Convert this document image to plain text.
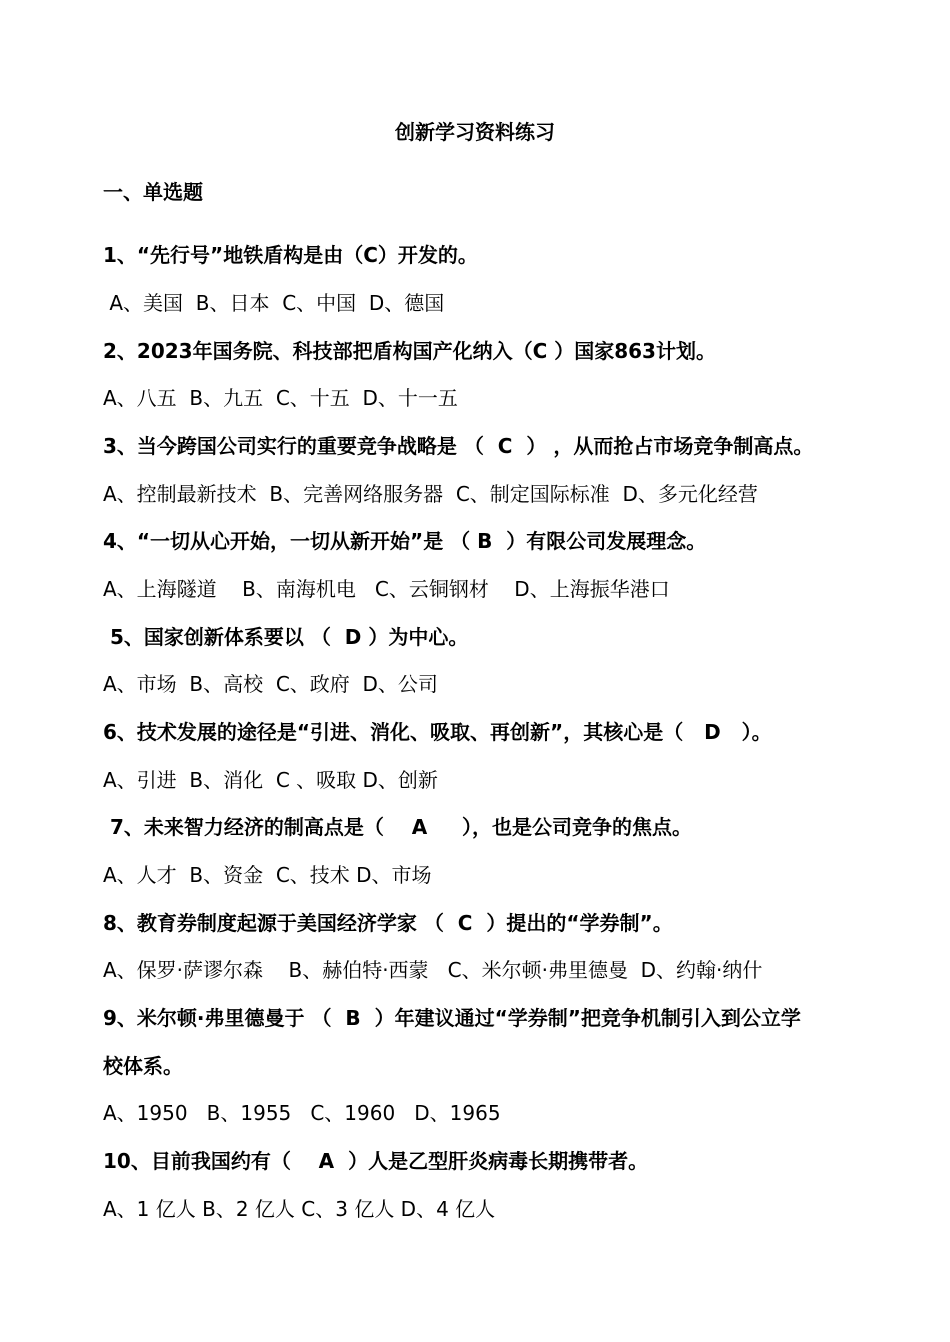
创新学习资料练习
一、单选题
1、“先行号”地铁盾构是由（C）开发的。
A、美国  B、日本  C、中国  D、德国
2、2023年国务院、科技部把盾构国产化纳入（C ）国家863计划。
A、八五  B、九五  C、十五  D、十一五
3、当今跨国公司实行的重要竞争战略是 （  C  ） ，从而抢占市场竞争制高点。
A、控制最新技术  B、完善网络服务器  C、制定国际标准  D、多元化经营
4、“一切从心开始，一切从新开始”是 （ B  ）有限公司发展理念。
A、上海隧道    B、南海机电   C、云铜钢材    D、上海振华港口
5、国家创新体系要以 （  D ）为中心。
A、市场  B、高校  C、政府  D、公司
6、技术发展的途径是“引进、消化、吸取、再创新”，其核心是（   D   ）。
A、引进  B、消化  C 、吸取 D、创新
7、未来智力经济的制高点是（    A     ），也是公司竞争的焦点。
A、人才  B、资金  C、技术 D、市场
8、教育券制度起源于美国经济学家 （  C  ）提出的“学券制”。
A、保罗·萨谬尔森    B、赫伯特·西蒙   C、米尔顿·弗里德曼  D、约翰·纳什
9、米尔顿·弗里德曼于 （  B  ）年建议通过“学券制”把竞争机制引入到公立学
校体系。
A、1950   B、1955   C、1960   D、1965
10、目前我国约有（    A  ）人是乙型肝炎病毒长期携带者。
A、1 亿人 B、2 亿人 C、3 亿人 D、4 亿人
